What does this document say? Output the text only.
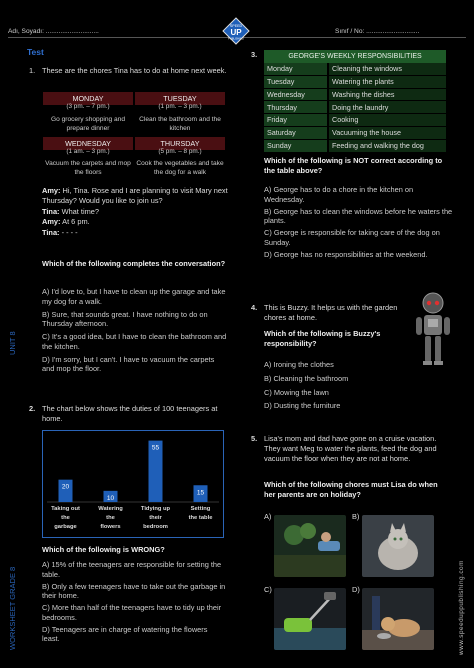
Adı, Soyadı: .............................	Sınıf / No: .............................
SPEED
UP
PUBLISHING
Test
UNIT 8
WORKSHEET GRADE 8	www.speeduppublishing.com
1. These are the chores Tina has to do at home next week.
MONDAY
(3 pm. – 7 pm.)
Go grocery shopping and prepare dinner
TUESDAY
(1 pm. – 3 pm.)
Clean the bathroom and the kitchen
WEDNESDAY
(1 am. – 3 pm.)
Vacuum the carpets and mop the floors
THURSDAY
(5 pm. – 8 pm.)
Cook the vegetables and take the dog for a walk
Amy: Hi, Tina. Rose and I are planning to visit Mary next Thursday? Would you like to join us?
Tina: What time?
Amy: At 6 pm.
Tina: - - - -
Which of the following completes the conversation?
A) I'd love to, but I have to clean up the garage and take my dog for a walk.
B) Sure, that sounds great. I have nothing to do on Thursday afternoon.
C) It's a good idea, but I have to clean the bathroom and the kitchen.
D) I'm sorry, but I can't. I have to vacuum the carpets and mop the floor.
2. The chart below shows the duties of 100 teenagers at home.
20
Taking out the garbage
10
Watering the flowers
55
Tidying up their bedroom
15
Setting the table
Which of the following is WRONG?
A) 15% of the teenagers are responsible for setting the table.
B) Only a few teenagers have to take out the garbage in their home.
C) More than half of the teenagers have to tidy up their bedrooms.
D) Teenagers are in charge of watering the flowers least.
3.	GEORGE'S WEEKLY RESPONSIBILITIES	
Monday	Cleaning the windows
Tuesday	Watering the plants
Wednesday	Washing the dishes
Thursday	Doing the laundry
Friday	Cooking
Saturday	Vacuuming the house
Sunday	Feeding and walking the dog
Which of the following is NOT correct according to the table above?
A) George has to do a chore in the kitchen on Wednesday.
B) George has to clean the windows before he waters the plants.
C) George is responsible for taking care of the dog on Sunday.
D) George has no responsibilities at the weekend.
4. This is Buzzy. It helps us with the garden chores at home.
Which of the following is Buzzy's responsibility?
A) Ironing the clothes
B) Cleaning the bathroom
C) Mowing the lawn
D) Dusting the furniture
5. Lisa's mom and dad have gone on a cruise vacation. They want Meg to water the plants, feed the dog and vacuum the floor when they are not at home.
Which of the following chores must Lisa do when her parents are on holiday?
A)	B)
C)	D)
